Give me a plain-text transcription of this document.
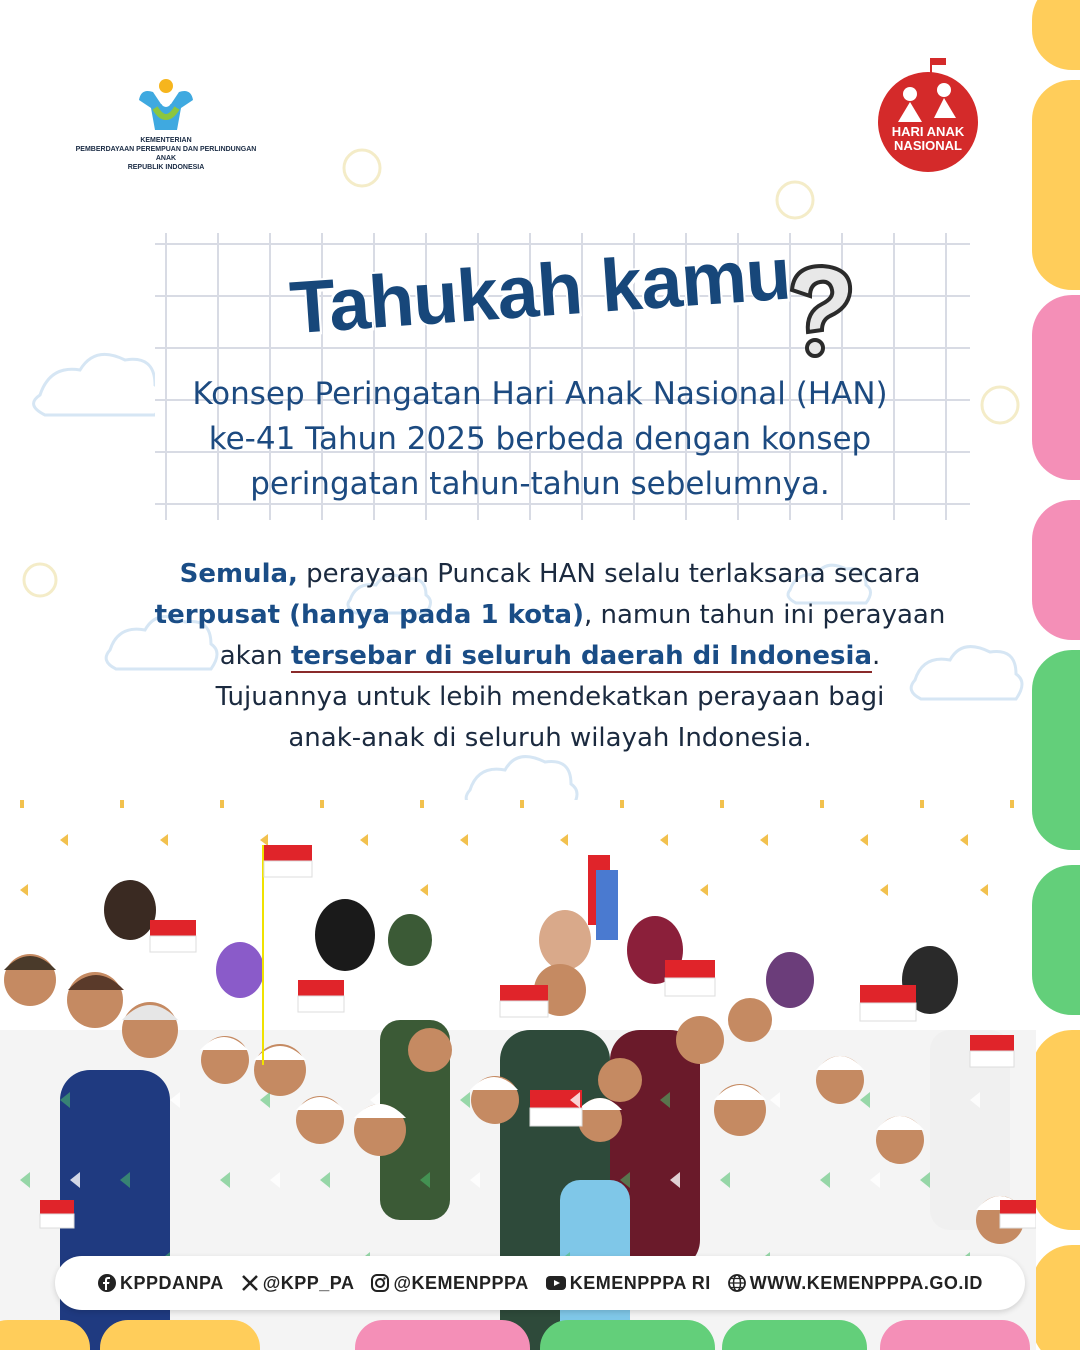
KEMENTERIAN
PEMBERDAYAAN PEREMPUAN DAN PERLINDUNGAN ANAK
REPUBLIK INDONESIA
HARI ANAK
NASIONAL
Tahukah kamu
Konsep Peringatan Hari Anak Nasional (HAN)
ke-41 Tahun 2025 berbeda dengan konsep
peringatan tahun-tahun sebelumnya.
Semula, perayaan Puncak HAN selalu terlaksana secara
terpusat (hanya pada 1 kota), namun tahun ini perayaan
akan tersebar di seluruh daerah di Indonesia.
Tujuannya untuk lebih mendekatkan perayaan bagi
anak-anak di seluruh wilayah Indonesia.
KPPDANPA @KPP_PA @KEMENPPPA KEMENPPPA RI WWW.KEMENPPPA.GO.ID
